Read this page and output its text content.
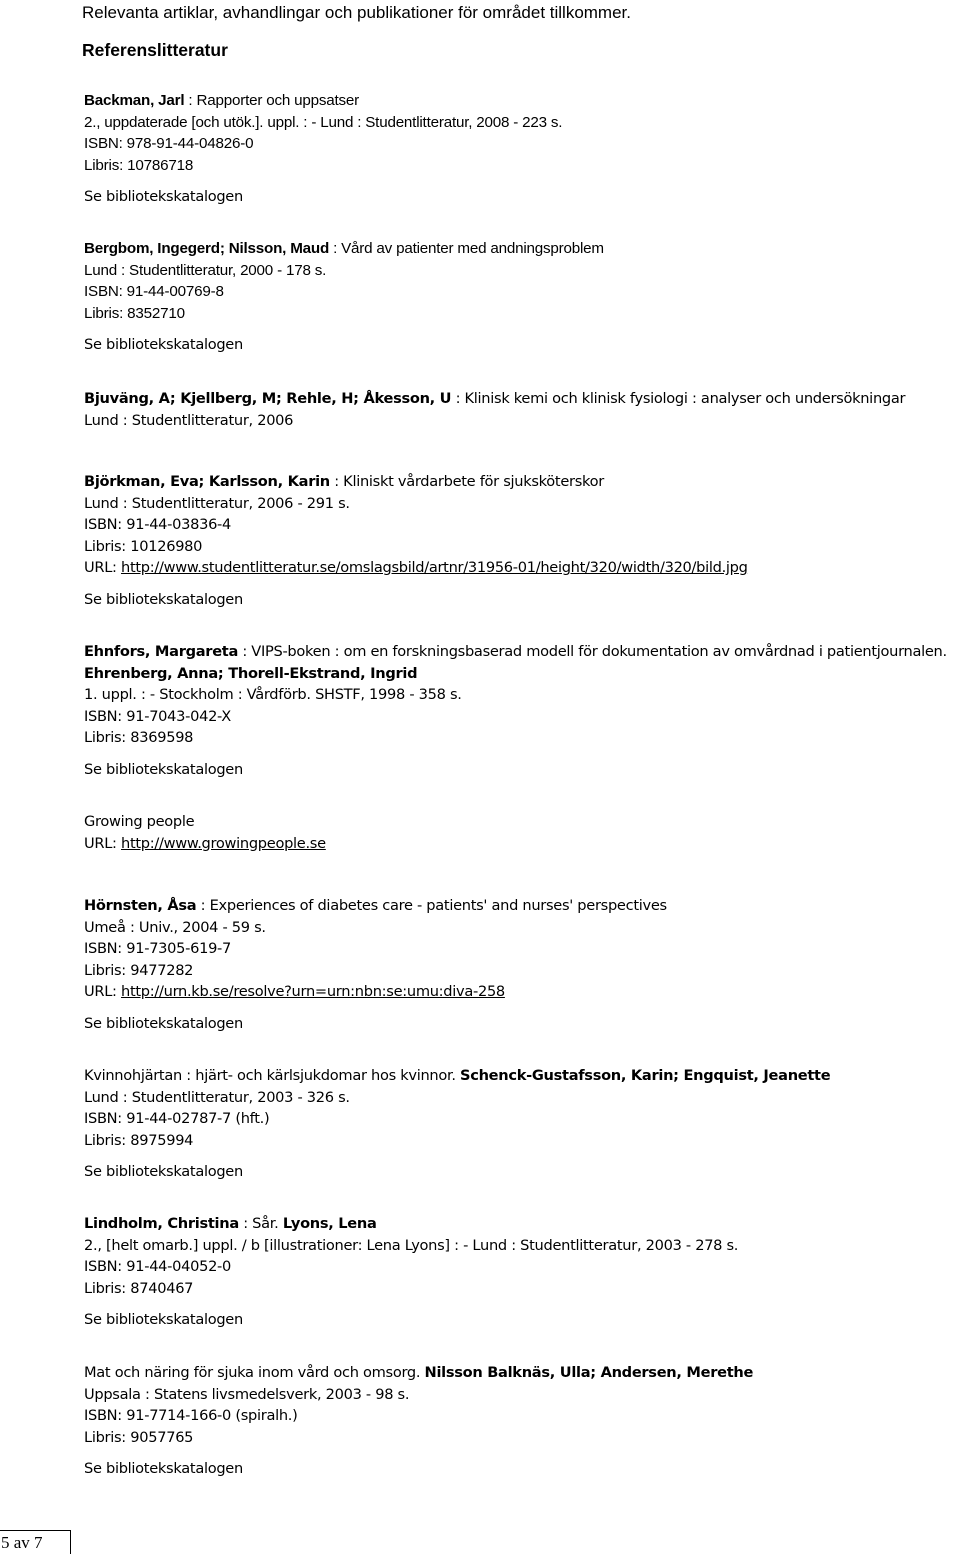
Relevanta artiklar, avhandlingar och publikationer för området tillkommer.
Referenslitteratur
Backman, Jarl : Rapporter och uppsatser
2., uppdaterade [och utök.]. uppl. : - Lund : Studentlitteratur, 2008 - 223 s.
ISBN: 978-91-44-04826-0
Libris: 10786718
Se bibliotekskatalogen
Bergbom, Ingegerd; Nilsson, Maud : Vård av patienter med andningsproblem
Lund : Studentlitteratur, 2000 - 178 s.
ISBN: 91-44-00769-8
Libris: 8352710
Se bibliotekskatalogen
Bjuväng, A; Kjellberg, M; Rehle, H; Åkesson, U : Klinisk kemi och klinisk fysiologi : analyser och undersökningar
Lund : Studentlitteratur, 2006
Björkman, Eva; Karlsson, Karin : Kliniskt vårdarbete för sjuksköterskor
Lund : Studentlitteratur, 2006 - 291 s.
ISBN: 91-44-03836-4
Libris: 10126980
URL: http://www.studentlitteratur.se/omslagsbild/artnr/31956-01/height/320/width/320/bild.jpg
Se bibliotekskatalogen
Ehnfors, Margareta : VIPS-boken : om en forskningsbaserad modell för dokumentation av omvårdnad i patientjournalen.
Ehrenberg, Anna; Thorell-Ekstrand, Ingrid
1. uppl. : - Stockholm : Vårdförb. SHSTF, 1998 - 358 s.
ISBN: 91-7043-042-X
Libris: 8369598
Se bibliotekskatalogen
Growing people
URL: http://www.growingpeople.se
Hörnsten, Åsa : Experiences of diabetes care - patients' and nurses' perspectives
Umeå : Univ., 2004 - 59 s.
ISBN: 91-7305-619-7
Libris: 9477282
URL: http://urn.kb.se/resolve?urn=urn:nbn:se:umu:diva-258
Se bibliotekskatalogen
Kvinnohjärtan : hjärt- och kärlsjukdomar hos kvinnor. Schenck-Gustafsson, Karin; Engquist, Jeanette
Lund : Studentlitteratur, 2003 - 326 s.
ISBN: 91-44-02787-7 (hft.)
Libris: 8975994
Se bibliotekskatalogen
Lindholm, Christina : Sår. Lyons, Lena
2., [helt omarb.] uppl. / b [illustrationer: Lena Lyons] : - Lund : Studentlitteratur, 2003 - 278 s.
ISBN: 91-44-04052-0
Libris: 8740467
Se bibliotekskatalogen
Mat och näring för sjuka inom vård och omsorg. Nilsson Balknäs, Ulla; Andersen, Merethe
Uppsala : Statens livsmedelsverk, 2003 - 98 s.
ISBN: 91-7714-166-0 (spiralh.)
Libris: 9057765
Se bibliotekskatalogen
5 av 7
